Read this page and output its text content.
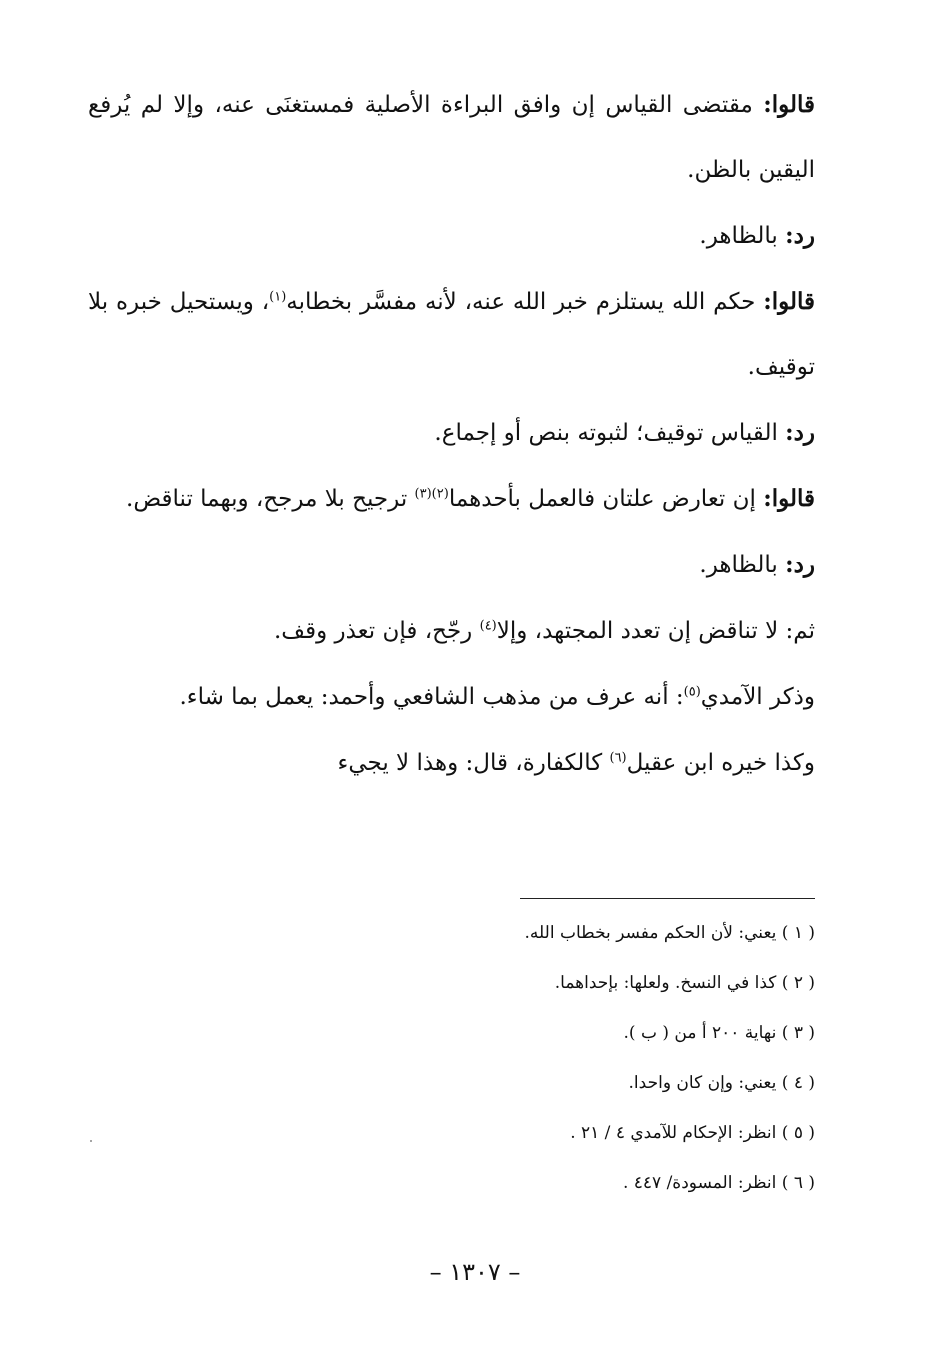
قالوا: مقتضى القياس إن وافق البراءة الأصلية فمستغنَى عنه، وإلا لم يُرفع اليقين بالظن.

رد: بالظاهر.

قالوا: حكم الله يستلزم خبر الله عنه، لأنه مفسَّر بخطابه$^{(١)}$، ويستحيل خبره بلا توقيف.

رد: القياس توقيف؛ لثبوته بنص أو إجماع.

قالوا: إن تعارض علتان فالعمل بأحدهما$^{(٢)(٣)}$ ترجيح بلا مرجح، وبهما تناقض.

رد: بالظاهر.

ثم: لا تناقض إن تعدد المجتهد، وإلا$^{(٤)}$ رجّح، فإن تعذر وقف.

وذكر الآمدي$^{(٥)}$: أنه عرف من مذهب الشافعي وأحمد: يعمل بما شاء.

وكذا خيره ابن عقيل$^{(٦)}$ كالكفارة، قال: وهذا لا يجيء

( ١ ) يعني: لأن الحكم مفسر بخطاب الله.

( ٢ ) كذا في النسخ. ولعلها: بإحداهما.

( ٣ ) نهاية ٢٠٠ أ من ( ب ).

( ٤ ) يعني: وإن كان واحدا.

( ٥ ) انظر: الإحكام للآمدي ٤ / ٢١ .

( ٦ ) انظر: المسودة/ ٤٤٧ .

– ١٣٠٧ –
